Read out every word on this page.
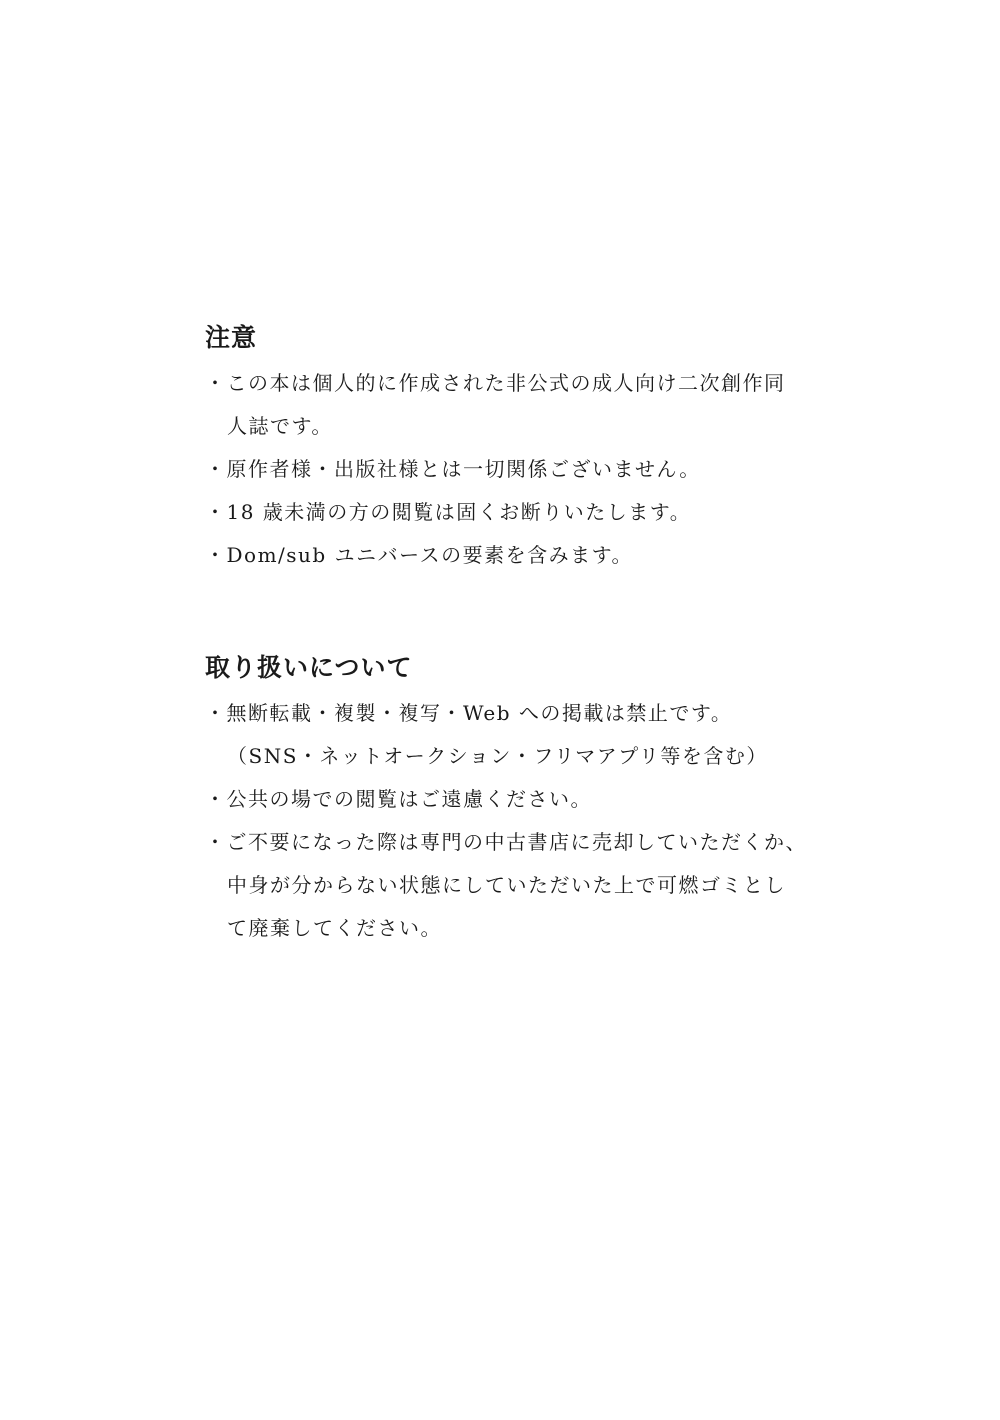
注意
・この本は個人的に作成された非公式の成人向け二次創作同
人誌です。
・原作者様・出版社様とは一切関係ございません。
・18 歳未満の方の閲覧は固くお断りいたします。
・Dom/sub ユニバースの要素を含みます。
取り扱いについて
・無断転載・複製・複写・Web への掲載は禁止です。
（SNS・ネットオークション・フリマアプリ等を含む）
・公共の場での閲覧はご遠慮ください。
・ご不要になった際は専門の中古書店に売却していただくか、
中身が分からない状態にしていただいた上で可燃ゴミとし
て廃棄してください。
